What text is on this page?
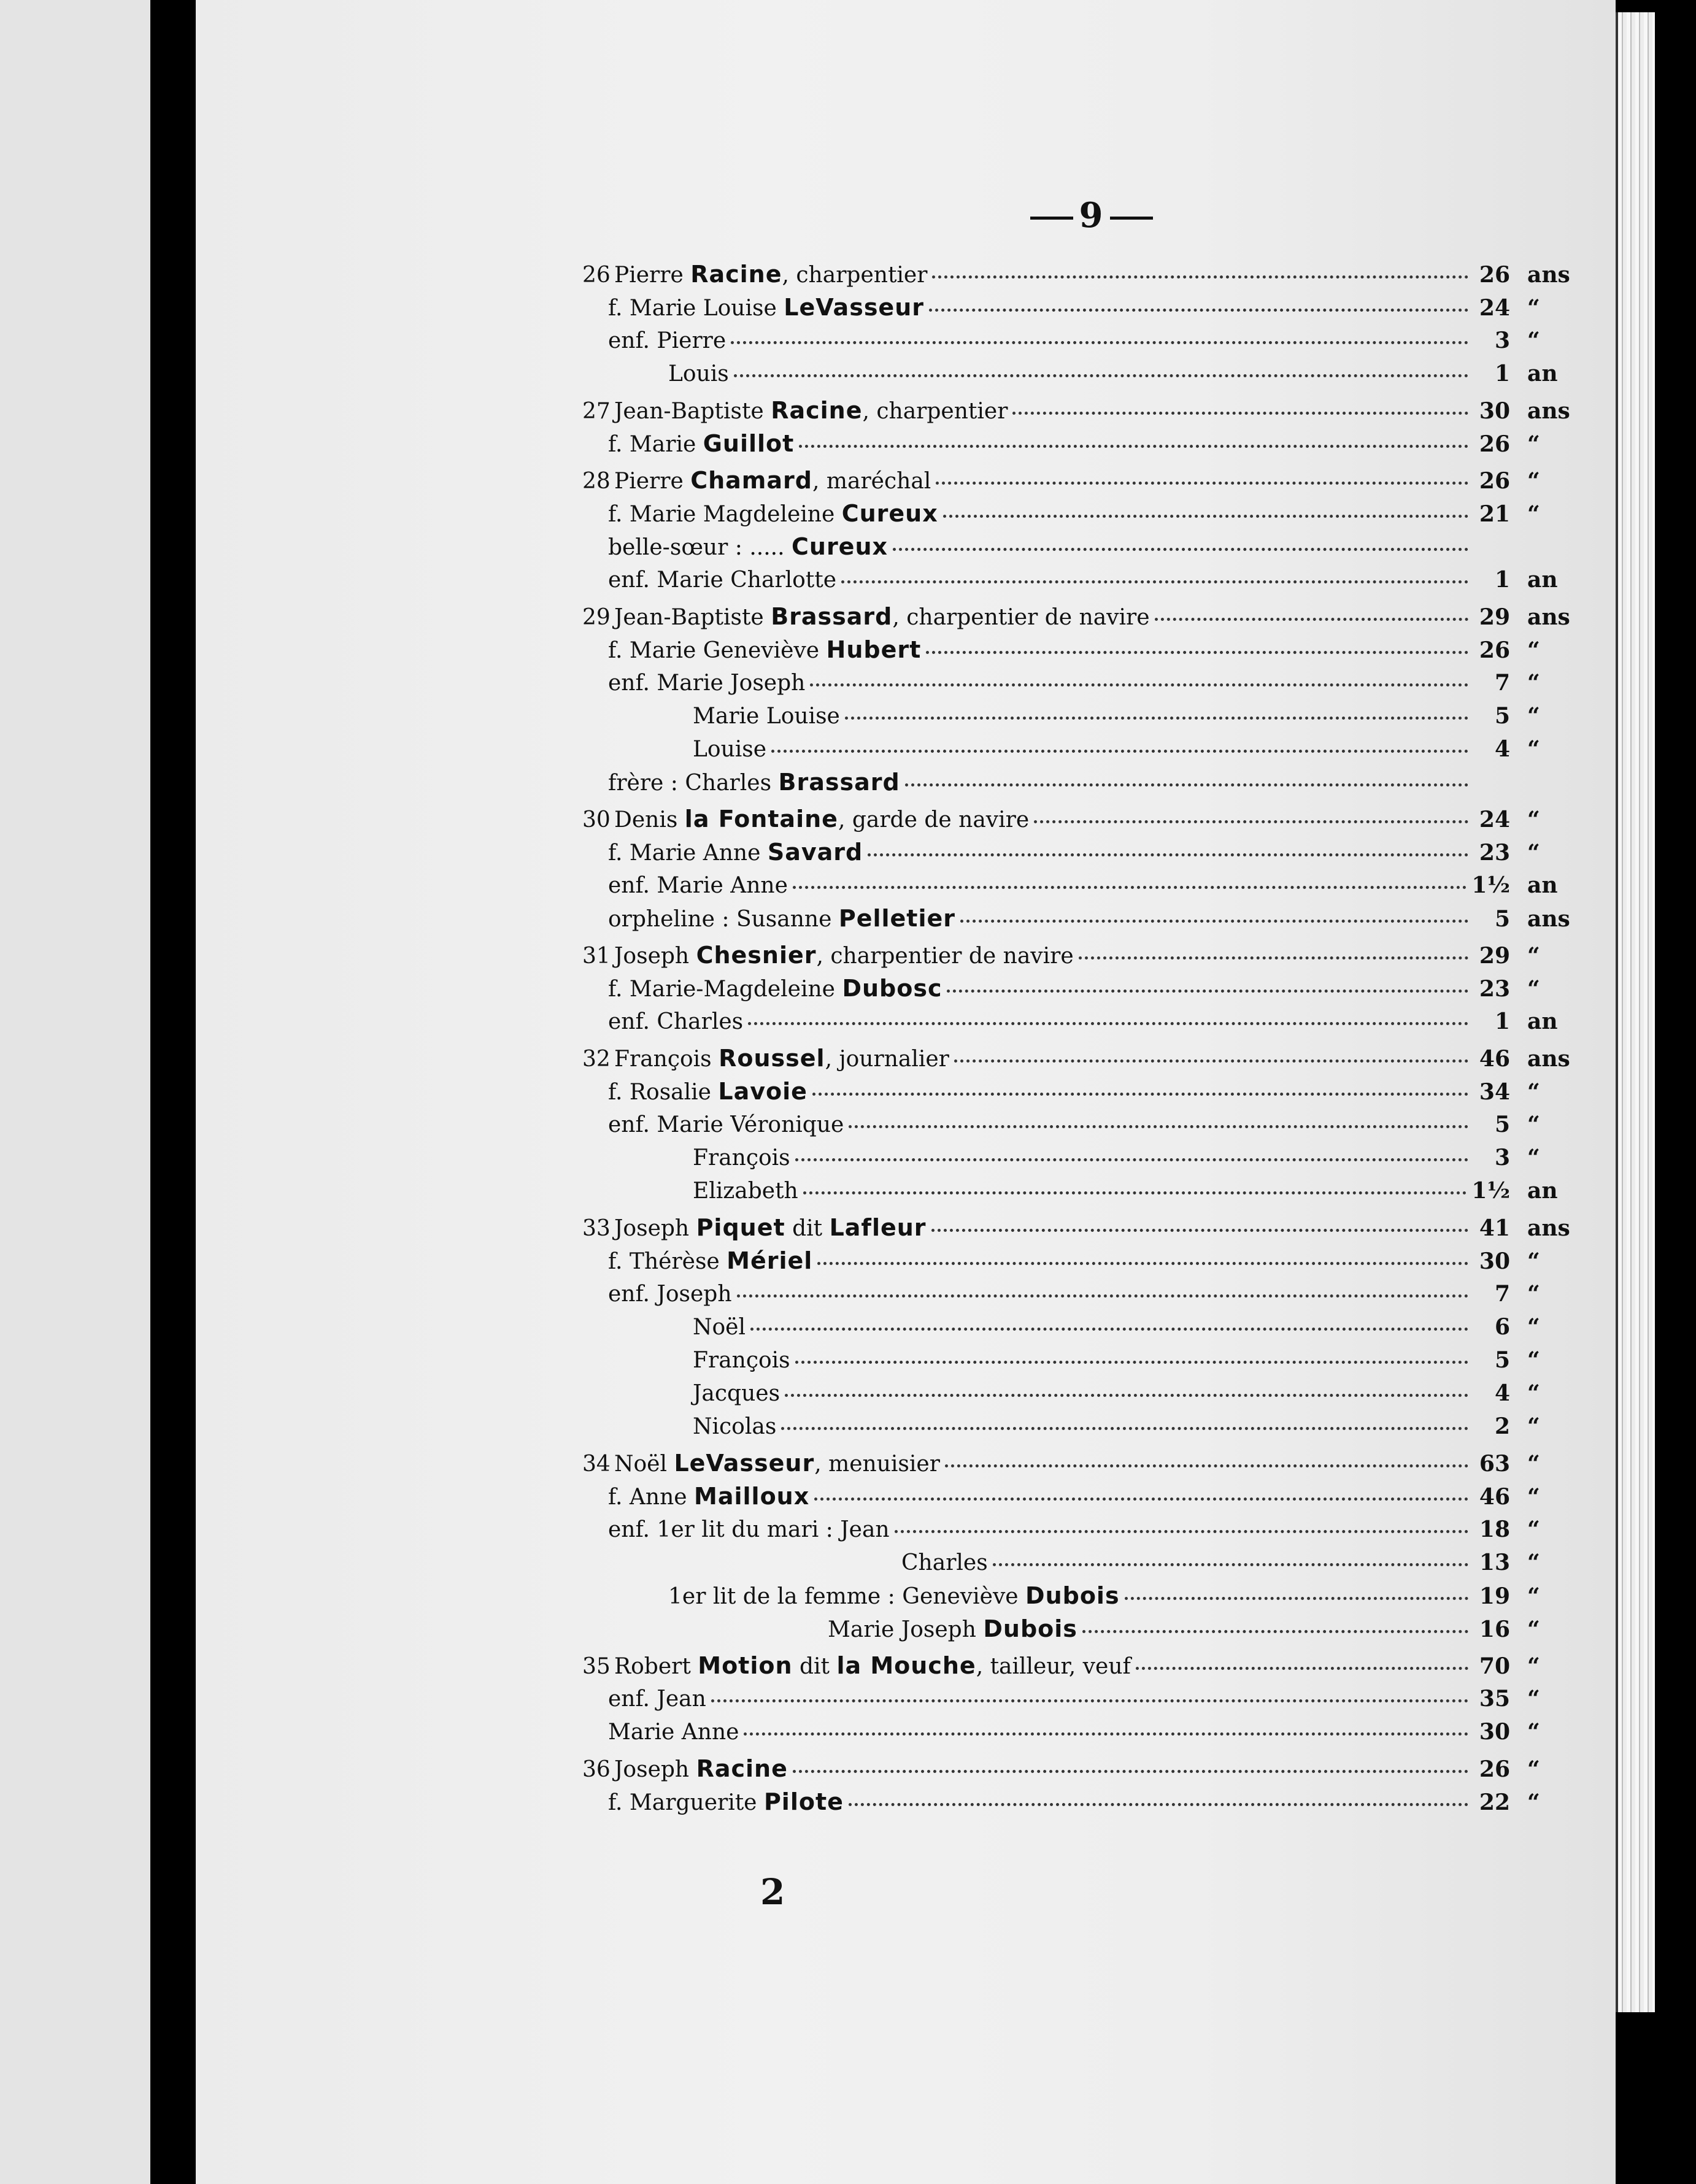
9
26 Pierre Racine, charpentier	26 ans
f. Marie Louise LeVasseur	24 “
enf. Pierre	3 “
Louis	1 an
27 Jean-Baptiste Racine, charpentier	30 ans
f. Marie Guillot	26 “
28 Pierre Chamard, maréchal	26 “
f. Marie Magdeleine Cureux	21 “
belle-sœur : ..... Cureux
enf. Marie Charlotte	1 an
29 Jean-Baptiste Brassard, charpentier de navire	29 ans
f. Marie Geneviève Hubert	26 “
enf. Marie Joseph	7 “
Marie Louise	5 “
Louise	4 “
frère : Charles Brassard
30 Denis la Fontaine, garde de navire	24 “
f. Marie Anne Savard	23 “
enf. Marie Anne	1½ an
orpheline : Susanne Pelletier	5 ans
31 Joseph Chesnier, charpentier de navire	29 “
f. Marie-Magdeleine Dubosc	23 “
enf. Charles	1 an
32 François Roussel, journalier	46 ans
f. Rosalie Lavoie	34 “
enf. Marie Véronique	5 “
François	3 “
Elizabeth	1½ an
33 Joseph Piquet dit Lafleur	41 ans
f. Thérèse Mériel	30 “
enf. Joseph	7 “
Noël	6 “
François	5 “
Jacques	4 “
Nicolas	2 “
34 Noël LeVasseur, menuisier	63 “
f. Anne Mailloux	46 “
enf. 1er lit du mari : Jean	18 “
Charles	13 “
1er lit de la femme : Geneviève Dubois	19 “
Marie Joseph Dubois	16 “
35 Robert Motion dit la Mouche, tailleur, veuf	70 “
enf. Jean	35 “
Marie Anne	30 “
36 Joseph Racine	26 “
f. Marguerite Pilote	22 “
2
